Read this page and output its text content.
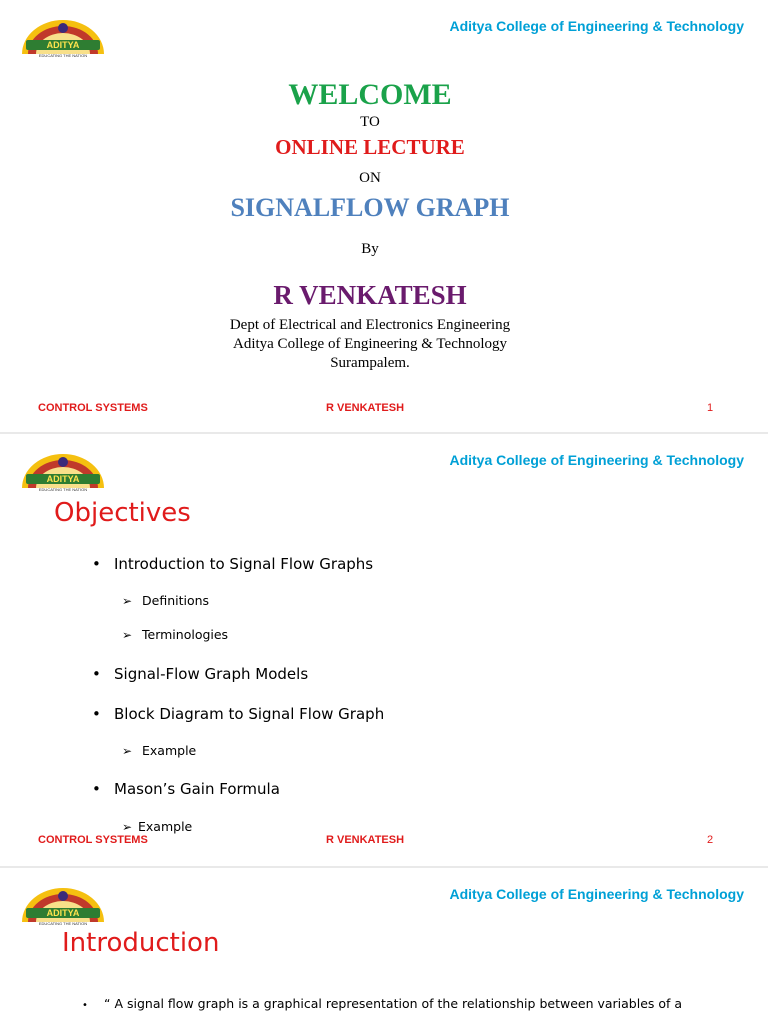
ADITYA
EDUCATING THE NATION
Aditya College of Engineering & Technology
WELCOME
TO
ONLINE LECTURE
ON
SIGNALFLOW GRAPH
By
R VENKATESH
Dept of Electrical and Electronics Engineering
Aditya College of Engineering & Technology
Surampalem.
CONTROL SYSTEMS	R VENKATESH	1
ADITYA
EDUCATING THE NATION
Aditya College of Engineering & Technology
Objectives
• Introduction to Signal Flow Graphs
➢ Definitions
➢ Terminologies
• Signal-Flow Graph Models
• Block Diagram to Signal Flow Graph
➢ Example
• Mason’s Gain Formula
➢ Example
CONTROL SYSTEMS	R VENKATESH	2
ADITYA
EDUCATING THE NATION
Aditya College of Engineering & Technology
Introduction
• “ A signal flow graph is a graphical representation of the relationship between variables of a
